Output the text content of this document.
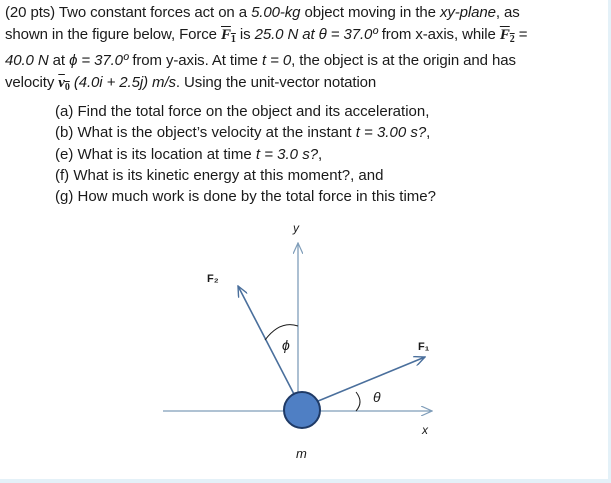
(20 pts) Two constant forces act on a 5.00-kg object moving in the xy-plane, as
shown in the figure below, Force $F_1$ is 25.0 N at θ = 37.0º from x-axis, while $F_2$ =
40.0 N at ϕ = 37.0º from y-axis. At time t = 0, the object is at the origin and has
velocity $v_0$ (4.0i + 2.5j) m/s. Using the unit-vector notation
(a) Find the total force on the object and its acceleration,
(b) What is the object’s velocity at the instant t = 3.00 s?,
(e) What is its location at time t = 3.0 s?,
(f) What is its kinetic energy at this moment?, and
(g) How much work is done by the total force in this time?
y
x
F₂
F₁
ϕ
θ
m
